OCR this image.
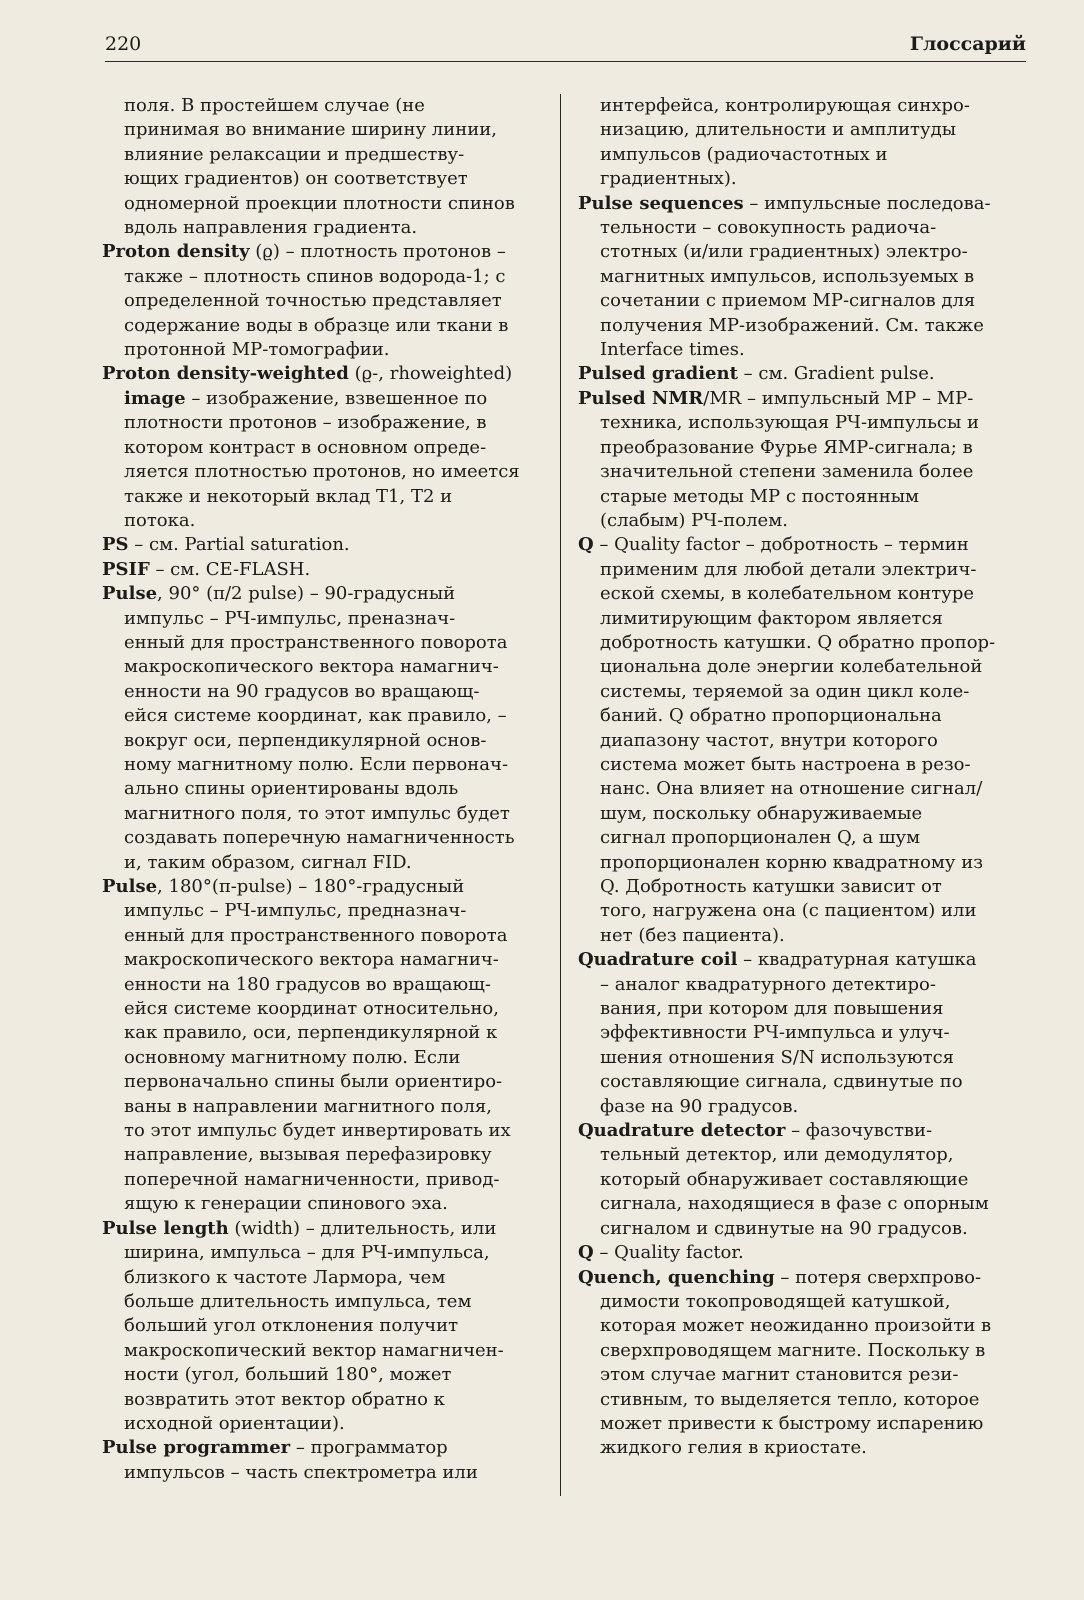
220	Глоссарий
поля. В простейшем случае (не
принимая во внимание ширину линии,
влияние релаксации и предшеству-
ющих градиентов) он соответствует
одномерной проекции плотности спинов
вдоль направления градиента.
Proton density (ϱ) – плотность протонов –
также – плотность спинов водорода-1; с
определенной точностью представляет
содержание воды в образце или ткани в
протонной МР-томографии.
Proton density-weighted (ϱ-, rhoweighted)
image – изображение, взвешенное по
плотности протонов – изображение, в
котором контраст в основном опреде-
ляется плотностью протонов, но имеется
также и некоторый вклад T1, T2 и
потока.
PS – см. Partial saturation.
PSIF – см. CE-FLASH.
Pulse, 90° (π/2 pulse) – 90-градусный
импульс – РЧ-импульс, преназнач-
енный для пространственного поворота
макроскопического вектора намагнич-
енности на 90 градусов во вращающ-
ейся системе координат, как правило, –
вокруг оси, перпендикулярной основ-
ному магнитному полю. Если первонач-
ально спины ориентированы вдоль
магнитного поля, то этот импульс будет
создавать поперечную намагниченность
и, таким образом, сигнал FID.
Pulse, 180°(π-pulse) – 180°-градусный
импульс – РЧ-импульс, предназнач-
енный для пространственного поворота
макроскопического вектора намагнич-
енности на 180 градусов во вращающ-
ейся системе координат относительно,
как правило, оси, перпендикулярной к
основному магнитному полю. Если
первоначально спины были ориентиро-
ваны в направлении магнитного поля,
то этот импульс будет инвертировать их
направление, вызывая перефазировку
поперечной намагниченности, привод-
ящую к генерации спинового эха.
Pulse length (width) – длительность, или
ширина, импульса – для РЧ-импульса,
близкого к частоте Лармора, чем
больше длительность импульса, тем
больший угол отклонения получит
макроскопический вектор намагничен-
ности (угол, больший 180°, может
возвратить этот вектор обратно к
исходной ориентации).
Pulse programmer – программатор
импульсов – часть спектрометра или
интерфейса, контролирующая синхро-
низацию, длительности и амплитуды
импульсов (радиочастотных и
градиентных).
Pulse sequences – импульсные последова-
тельности – совокупность радиоча-
стотных (и/или градиентных) электро-
магнитных импульсов, используемых в
сочетании с приемом МР-сигналов для
получения МР-изображений. См. также
Interface times.
Pulsed gradient – см. Gradient pulse.
Pulsed NMR/MR – импульсный МР – МР-
техника, использующая РЧ-импульсы и
преобразование Фурье ЯМР-сигнала; в
значительной степени заменила более
старые методы МР с постоянным
(слабым) РЧ-полем.
Q – Quality factor – добротность – термин
применим для любой детали электрич-
еской схемы, в колебательном контуре
лимитирующим фактором является
добротность катушки. Q обратно пропор-
циональна доле энергии колебательной
системы, теряемой за один цикл коле-
баний. Q обратно пропорциональна
диапазону частот, внутри которого
система может быть настроена в резо-
нанс. Она влияет на отношение сигнал/
шум, поскольку обнаруживаемые
сигнал пропорционален Q, а шум
пропорционален корню квадратному из
Q. Добротность катушки зависит от
того, нагружена она (с пациентом) или
нет (без пациента).
Quadrature coil – квадратурная катушка
– аналог квадратурного детектиро-
вания, при котором для повышения
эффективности РЧ-импульса и улуч-
шения отношения S/N используются
составляющие сигнала, сдвинутые по
фазе на 90 градусов.
Quadrature detector – фазочувстви-
тельный детектор, или демодулятор,
который обнаруживает составляющие
сигнала, находящиеся в фазе с опорным
сигналом и сдвинутые на 90 градусов.
Q – Quality factor.
Quench, quenching – потеря сверхпрово-
димости токопроводящей катушкой,
которая может неожиданно произойти в
сверхпроводящем магните. Поскольку в
этом случае магнит становится рези-
стивным, то выделяется тепло, которое
может привести к быстрому испарению
жидкого гелия в криостате.
